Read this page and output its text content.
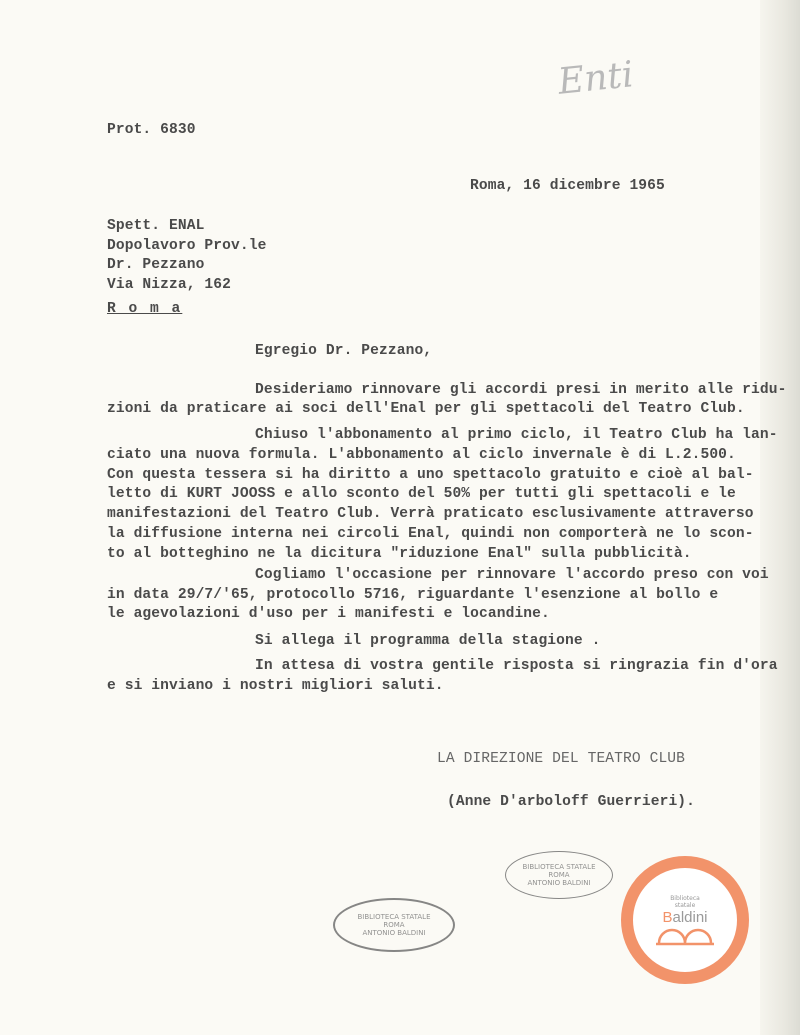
Enti
Prot. 6830
Roma, 16 dicembre 1965
Spett. ENAL
Dopolavoro Prov.le
Dr. Pezzano
Via Nizza, 162
R o m a
Egregio Dr. Pezzano,
Desideriamo rinnovare gli accordi presi in merito alle ridu-
zioni da praticare ai soci dell'Enal per gli spettacoli del Teatro Club.
Chiuso l'abbonamento al primo ciclo, il Teatro Club ha lan-
ciato una nuova formula. L'abbonamento al ciclo invernale è di L.2.500.
Con questa tessera si ha diritto a uno spettacolo gratuito e cioè al bal-
letto di KURT JOOSS e allo sconto del 50% per tutti gli spettacoli e le
manifestazioni del Teatro Club. Verrà praticato esclusivamente attraverso
la diffusione interna nei circoli Enal, quindi non comporterà ne lo scon-
to al botteghino ne la dicitura "riduzione Enal" sulla pubblicità.
Cogliamo l'occasione per rinnovare l'accordo preso con voi
in data 29/7/'65, protocollo 5716, riguardante l'esenzione al bollo e
le agevolazioni d'uso per i manifesti e locandine.
Si allega il programma della stagione .
In attesa di vostra gentile risposta si ringrazia fin d'ora
e si inviano i nostri migliori saluti.
LA DIREZIONE DEL TEATRO CLUB
(Anne D'arboloff Guerrieri).
BIBLIOTECA STATALE
ROMA
ANTONIO BALDINI
BIBLIOTECA STATALE
ROMA
ANTONIO BALDINI
Biblioteca
statale
Baldini
